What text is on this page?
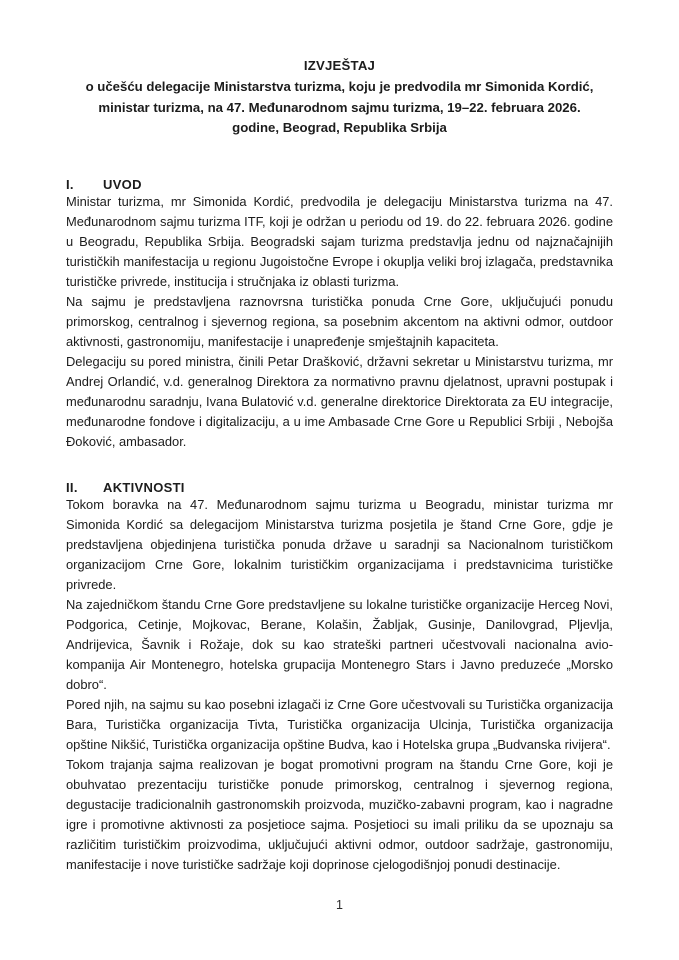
IZVJEŠTAJ
o učešću delegacije Ministarstva turizma, koju je predvodila mr Simonida Kordić, ministar turizma, na 47. Međunarodnom sajmu turizma, 19–22. februara 2026. godine, Beograd, Republika Srbija
I.	UVOD

Ministar turizma, mr Simonida Kordić, predvodila je delegaciju Ministarstva turizma na 47. Međunarodnom sajmu turizma ITF, koji je održan u periodu od 19. do 22. februara 2026. godine u Beogradu, Republika Srbija. Beogradski sajam turizma predstavlja jednu od najznačajnijih turističkih manifestacija u regionu Jugoistočne Evrope i okuplja veliki broj izlagača, predstavnika turističke privrede, institucija i stručnjaka iz oblasti turizma.

Na sajmu je predstavljena raznovrsna turistička ponuda Crne Gore, uključujući ponudu primorskog, centralnog i sjevernog regiona, sa posebnim akcentom na aktivni odmor, outdoor aktivnosti, gastronomiju, manifestacije i unapređenje smještajnih kapaciteta.

Delegaciju su pored ministra, činili Petar Drašković, državni sekretar u Ministarstvu turizma, mr Andrej Orlandić, v.d. generalnog Direktora za normativno pravnu djelatnost, upravni postupak i međunarodnu saradnju, Ivana Bulatović v.d. generalne direktorice Direktorata za EU integracije, međunarodne fondove i digitalizaciju, a u ime Ambasade Crne Gore u Republici Srbiji , Nebojša Đoković, ambasador.

II.	AKTIVNOSTI

Tokom boravka na 47. Međunarodnom sajmu turizma u Beogradu, ministar turizma mr Simonida Kordić sa delegacijom Ministarstva turizma posjetila je štand Crne Gore, gdje je predstavljena objedinjena turistička ponuda države u saradnji sa Nacionalnom turističkom organizacijom Crne Gore, lokalnim turističkim organizacijama i predstavnicima turističke privrede.

Na zajedničkom štandu Crne Gore predstavljene su lokalne turističke organizacije Herceg Novi, Podgorica, Cetinje, Mojkovac, Berane, Kolašin, Žabljak, Gusinje, Danilovgrad, Pljevlja, Andrijevica, Šavnik i Rožaje, dok su kao strateški partneri učestvovali nacionalna avio-kompanija Air Montenegro, hotelska grupacija Montenegro Stars i Javno preduzeće „Morsko dobro“.

Pored njih, na sajmu su kao posebni izlagači iz Crne Gore učestvovali su Turistička organizacija Bara, Turistička organizacija Tivta, Turistička organizacija Ulcinja, Turistička organizacija opštine Nikšić, Turistička organizacija opštine Budva, kao i Hotelska grupa „Budvanska rivijera“.

Tokom trajanja sajma realizovan je bogat promotivni program na štandu Crne Gore, koji je obuhvatao prezentaciju turističke ponude primorskog, centralnog i sjevernog regiona, degustacije tradicionalnih gastronomskih proizvoda, muzičko-zabavni program, kao i nagradne igre i promotivne aktivnosti za posjetioce sajma. Posjetioci su imali priliku da se upoznaju sa različitim turističkim proizvodima, uključujući aktivni odmor, outdoor sadržaje, gastronomiju, manifestacije i nove turističke sadržaje koji doprinose cjelogodišnjoj ponudi destinacije.

1
